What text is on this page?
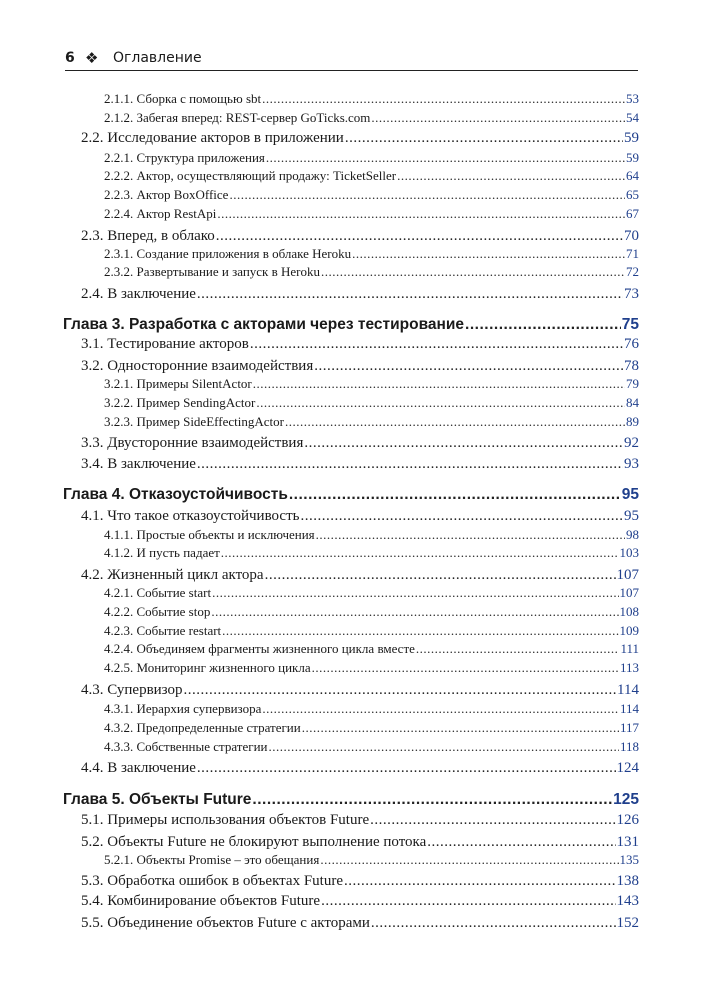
6 ❖ Оглавление
2.1.1. Сборка с помощью sbt .....	53
2.1.2. Забегая вперед: REST-сервер GoTicks.com .....	54
2.2. Исследование акторов в приложении .....	59
2.2.1. Структура приложения .....	59
2.2.2. Актор, осуществляющий продажу: TicketSeller .....	64
2.2.3. Актор BoxOffice .....	65
2.2.4. Актор RestApi .....	67
2.3. Вперед, в облако .....	70
2.3.1. Создание приложения в облаке Heroku .....	71
2.3.2. Развертывание и запуск в Heroku .....	72
2.4. В заключение .....	73
Глава 3. Разработка с акторами через тестирование .....	75
3.1. Тестирование акторов .....	76
3.2. Односторонние взаимодействия .....	78
3.2.1. Примеры SilentActor .....	79
3.2.2. Пример SendingActor .....	84
3.2.3. Пример SideEffectingActor .....	89
3.3. Двусторонние взаимодействия .....	92
3.4. В заключение .....	93
Глава 4. Отказоустойчивость .....	95
4.1. Что такое отказоустойчивость .....	95
4.1.1. Простые объекты и исключения .....	98
4.1.2. И пусть падает .....	103
4.2. Жизненный цикл актора .....	107
4.2.1. Событие start .....	107
4.2.2. Событие stop .....	108
4.2.3. Событие restart .....	109
4.2.4. Объединяем фрагменты жизненного цикла вместе .....	111
4.2.5. Мониторинг жизненного цикла .....	113
4.3. Супервизор .....	114
4.3.1. Иерархия супервизора .....	114
4.3.2. Предопределенные стратегии .....	117
4.3.3. Собственные стратегии .....	118
4.4. В заключение .....	124
Глава 5. Объекты Future .....	125
5.1. Примеры использования объектов Future .....	126
5.2. Объекты Future не блокируют выполнение потока .....	131
5.2.1. Объекты Promise – это обещания .....	135
5.3. Обработка ошибок в объектах Future .....	138
5.4. Комбинирование объектов Future .....	143
5.5. Объединение объектов Future с акторами .....	152
